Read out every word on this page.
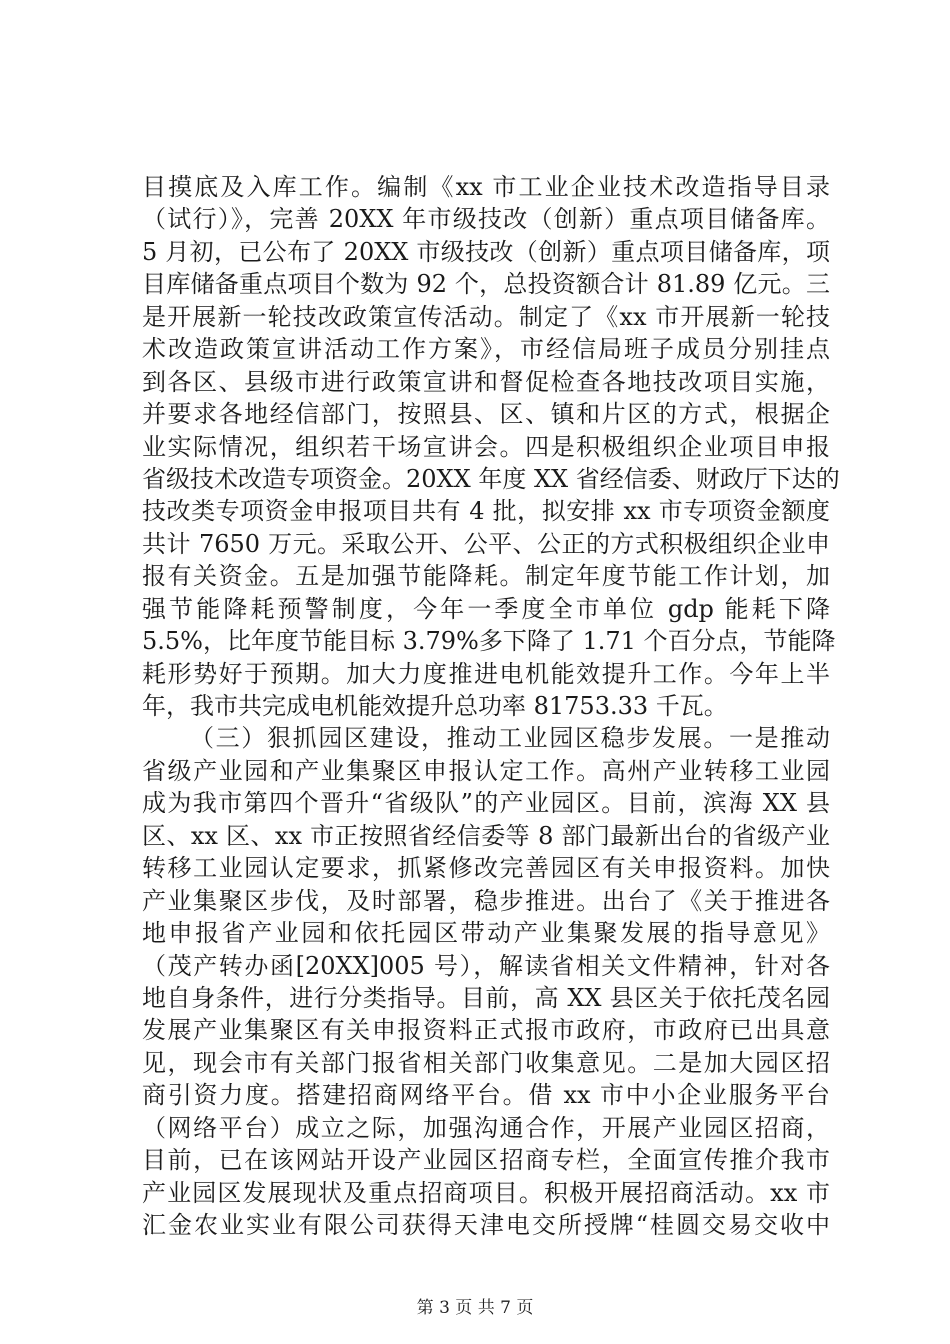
目摸底及入库工作。编制《xx 市工业企业技术改造指导目录
（试行）》，完善 20XX 年市级技改（创新）重点项目储备库。
5 月初，已公布了 20XX 市级技改（创新）重点项目储备库，项
目库储备重点项目个数为 92 个，总投资额合计 81.89 亿元。三
是开展新一轮技改政策宣传活动。制定了《xx 市开展新一轮技
术改造政策宣讲活动工作方案》，市经信局班子成员分别挂点
到各区、县级市进行政策宣讲和督促检查各地技改项目实施，
并要求各地经信部门，按照县、区、镇和片区的方式，根据企
业实际情况，组织若干场宣讲会。四是积极组织企业项目申报
省级技术改造专项资金。20XX 年度 XX 省经信委、财政厅下达的
技改类专项资金申报项目共有 4 批，拟安排 xx 市专项资金额度
共计 7650 万元。采取公开、公平、公正的方式积极组织企业申
报有关资金。五是加强节能降耗。制定年度节能工作计划，加
强节能降耗预警制度，今年一季度全市单位 gdp 能耗下降
5.5%，比年度节能目标 3.79%多下降了 1.71 个百分点，节能降
耗形势好于预期。加大力度推进电机能效提升工作。今年上半
年，我市共完成电机能效提升总功率 81753.33 千瓦。
（三）狠抓园区建设，推动工业园区稳步发展。一是推动
省级产业园和产业集聚区申报认定工作。高州产业转移工业园
成为我市第四个晋升“省级队”的产业园区。目前，滨海 XX 县
区、xx 区、xx 市正按照省经信委等 8 部门最新出台的省级产业
转移工业园认定要求，抓紧修改完善园区有关申报资料。加快
产业集聚区步伐，及时部署，稳步推进。出台了《关于推进各
地申报省产业园和依托园区带动产业集聚发展的指导意见》
（茂产转办函[20XX]005 号），解读省相关文件精神，针对各
地自身条件，进行分类指导。目前，高 XX 县区关于依托茂名园
发展产业集聚区有关申报资料正式报市政府，市政府已出具意
见，现会市有关部门报省相关部门收集意见。二是加大园区招
商引资力度。搭建招商网络平台。借 xx 市中小企业服务平台
（网络平台）成立之际，加强沟通合作，开展产业园区招商，
目前，已在该网站开设产业园区招商专栏，全面宣传推介我市
产业园区发展现状及重点招商项目。积极开展招商活动。xx 市
汇金农业实业有限公司获得天津电交所授牌“桂圆交易交收中
第 3 页 共 7 页
